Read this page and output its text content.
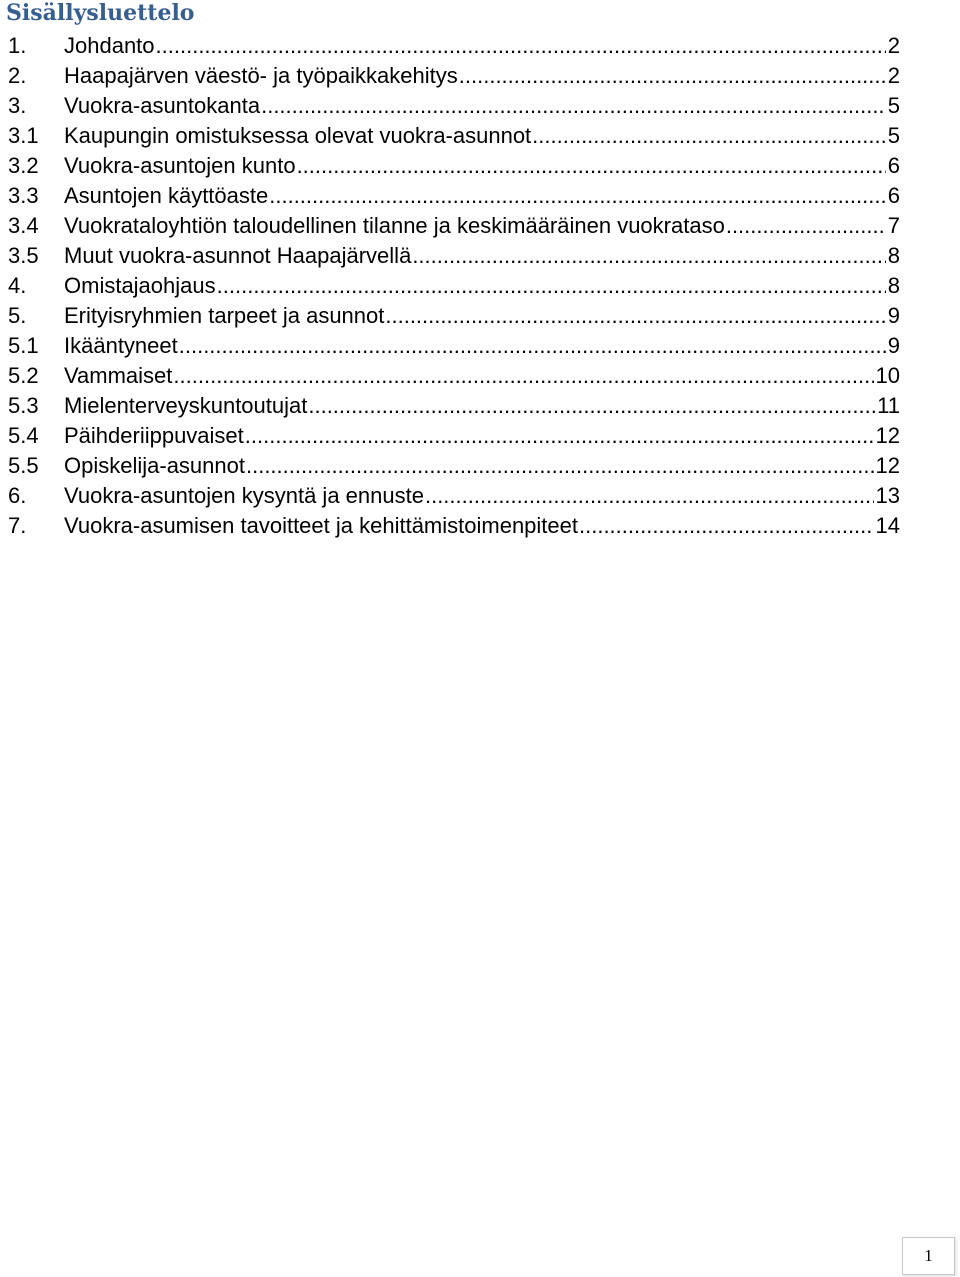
Sisällysluettelo
1.	Johdanto .....	2
2.	Haapajärven väestö- ja työpaikkakehitys .....	2
3.	Vuokra-asuntokanta .....	5
3.1	Kaupungin omistuksessa olevat vuokra-asunnot .....	5
3.2	Vuokra-asuntojen kunto .....	6
3.3	Asuntojen käyttöaste .....	6
3.4	Vuokrataloyhtiön taloudellinen tilanne ja keskimääräinen vuokrataso .....	7
3.5	Muut vuokra-asunnot Haapajärvellä .....	8
4.	Omistajaohjaus .....	8
5.	Erityisryhmien tarpeet ja asunnot .....	9
5.1	Ikääntyneet .....	9
5.2	Vammaiset .....	10
5.3	Mielenterveyskuntoutujat .....	11
5.4	Päihderiippuvaiset .....	12
5.5	Opiskelija-asunnot .....	12
6.	Vuokra-asuntojen kysyntä ja ennuste .....	13
7.	Vuokra-asumisen tavoitteet ja kehittämistoimenpiteet .....	14
1
